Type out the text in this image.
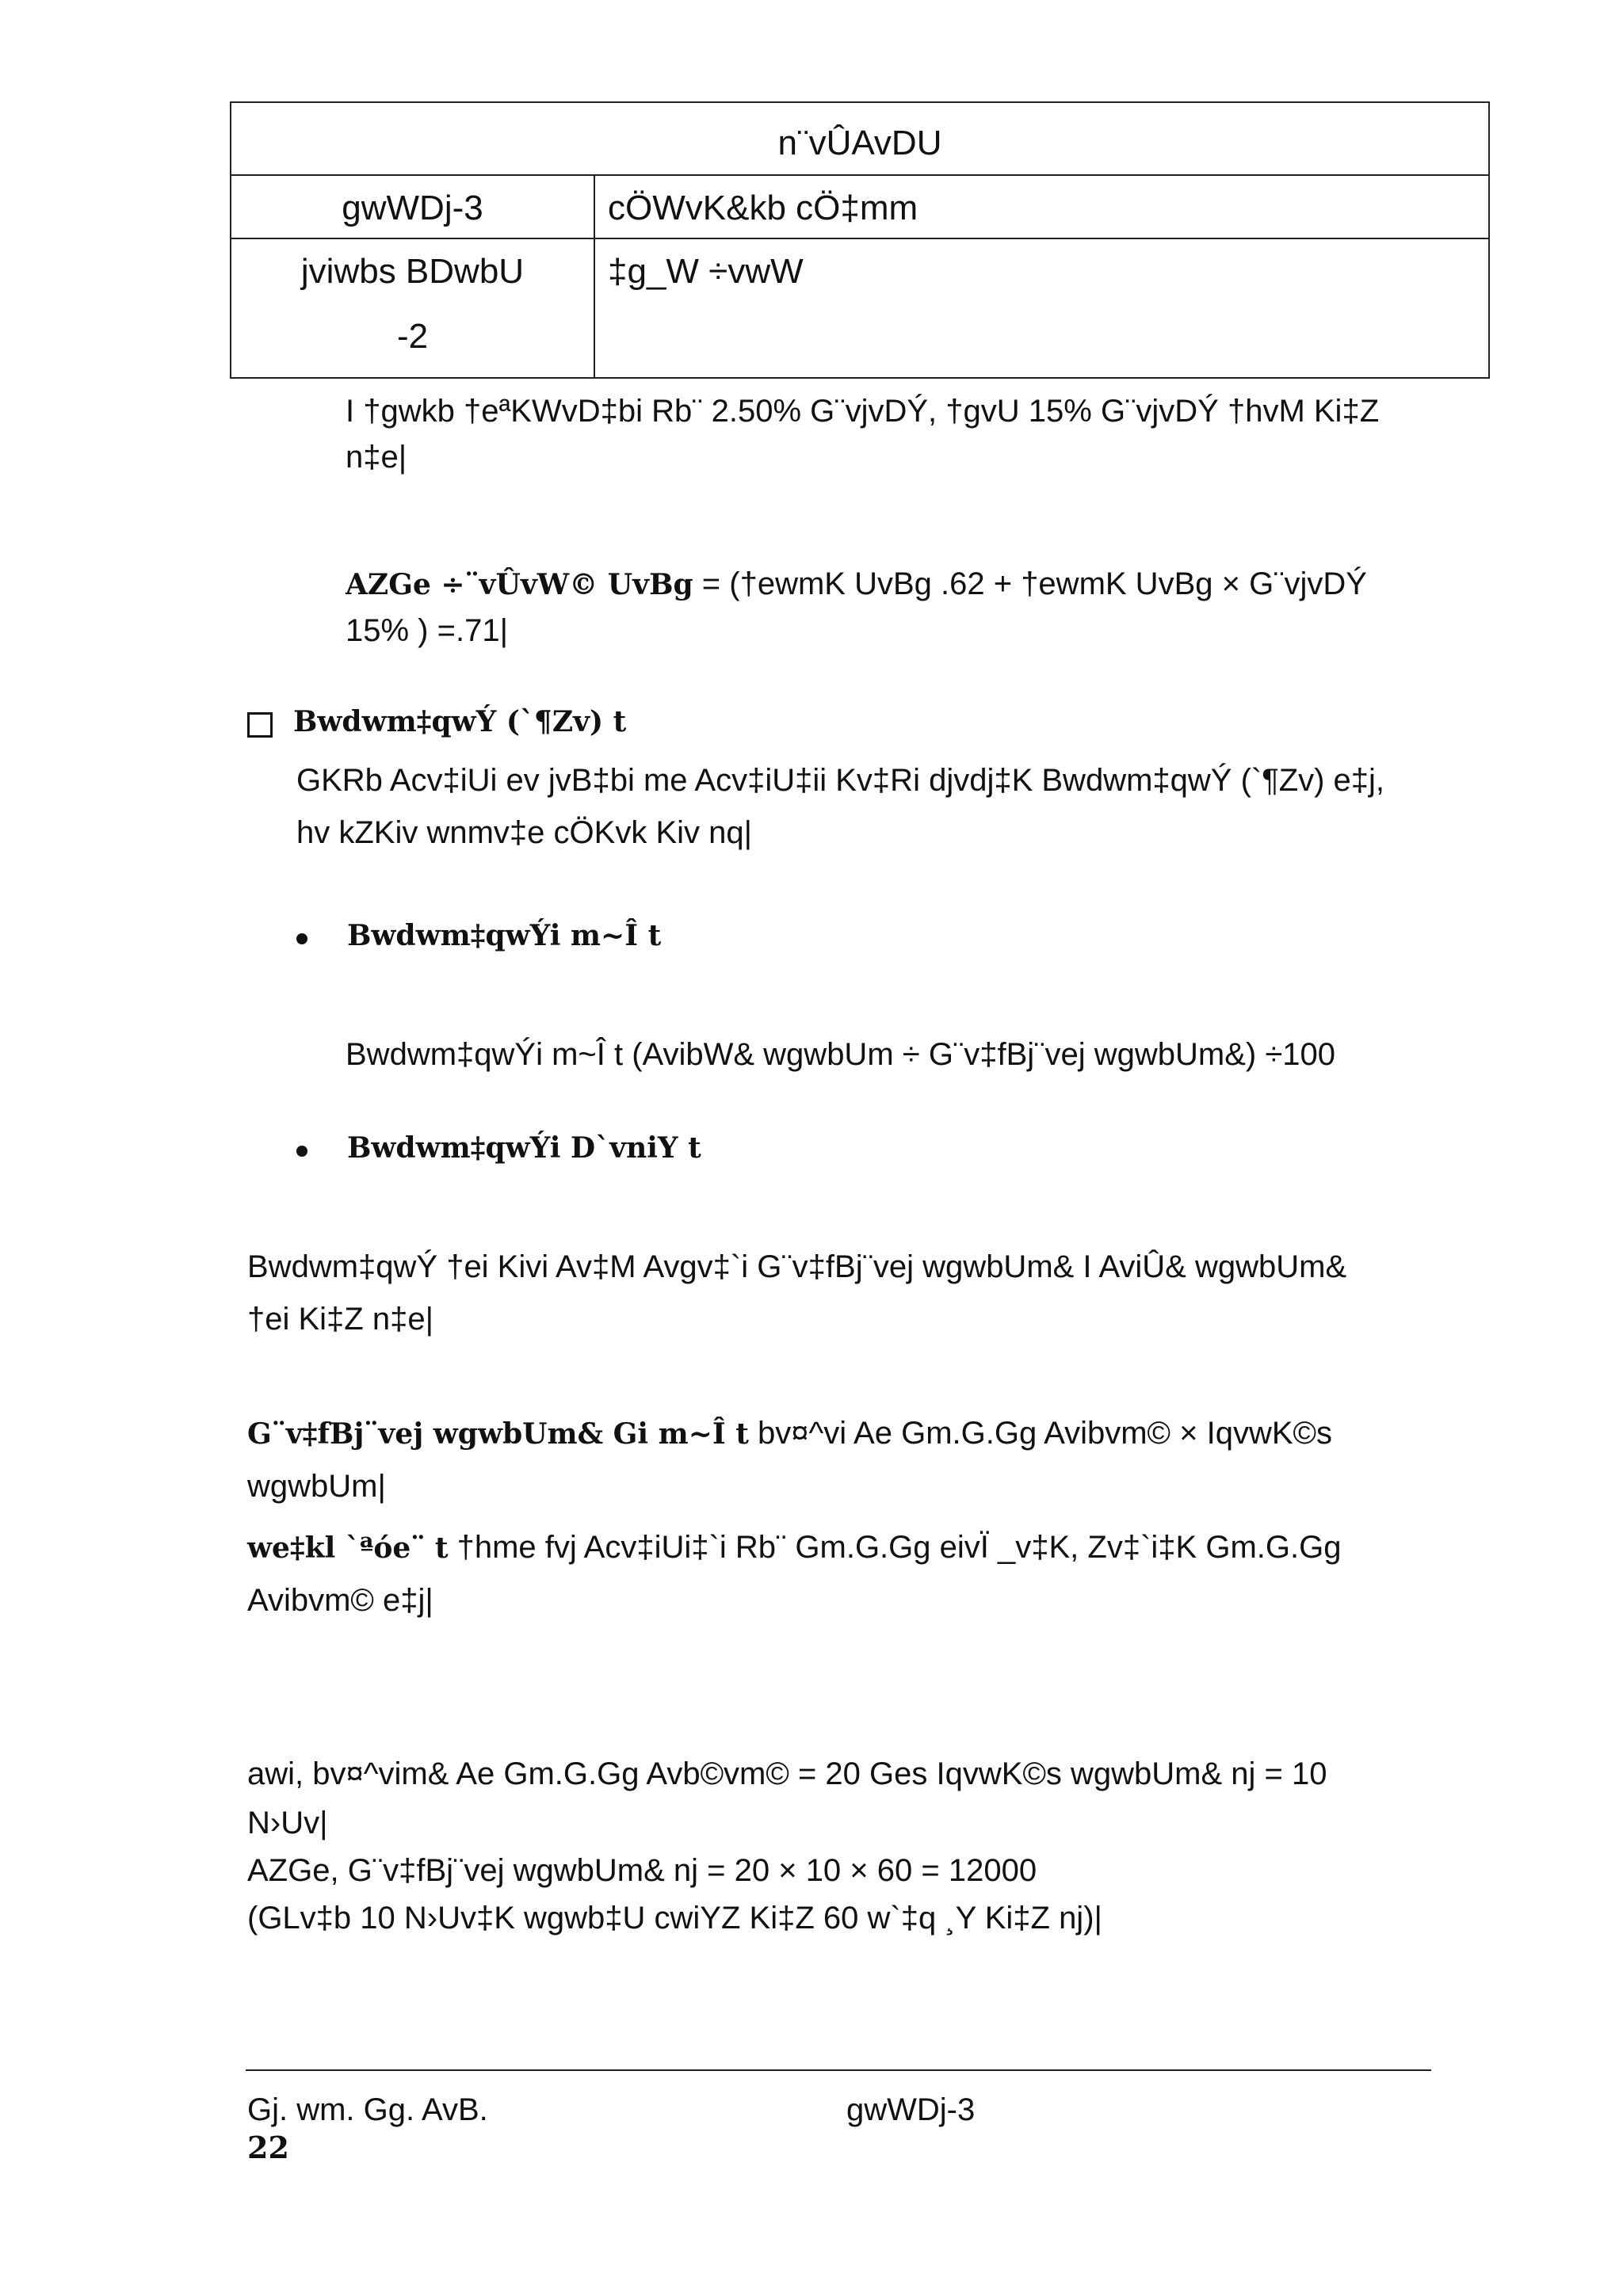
n¨vÛAvDU	
gwWDj-3	cÖWvK&kb cÖ‡mm

jviwbs BDwbU
-2	‡g_W ÷vwW
I †gwkb †eªKWvD‡bi Rb¨ 2.50% G¨vjvDÝ, †gvU 15% G¨vjvDÝ †hvM Ki‡Z
n‡e|
AZGe ÷¨vÛvW© UvBg = (†ewmK UvBg .62 + †ewmK UvBg × G¨vjvDÝ
15% ) =.71|
Bwdwm‡qwÝ (`¶Zv) t
GKRb Acv‡iUi ev jvB‡bi me Acv‡iU‡ii Kv‡Ri djvdj‡K Bwdwm‡qwÝ (`¶Zv) e‡j,
hv kZKiv wnmv‡e cÖKvk Kiv nq|
Bwdwm‡qwÝi m~Î t
Bwdwm‡qwÝi m~Î t (AvibW& wgwbUm ÷ G¨v‡fBj¨vej wgwbUm&) ÷100
Bwdwm‡qwÝi D`vniY t
Bwdwm‡qwÝ †ei Kivi Av‡M Avgv‡`i G¨v‡fBj¨vej wgwbUm& I AviÛ& wgwbUm&
†ei Ki‡Z n‡e|
G¨v‡fBj¨vej wgwbUm& Gi m~Î t bv¤^vi Ae Gm.G.Gg Avibvm© × IqvwK©s
wgwbUm|
we‡kl `ªóe¨ t †hme fvj Acv‡iUi‡`i Rb¨ Gm.G.Gg eivÏ _v‡K, Zv‡`i‡K Gm.G.Gg
Avibvm© e‡j|
awi, bv¤^vim& Ae Gm.G.Gg Avb©vm© = 20 Ges IqvwK©s wgwbUm& nj = 10
N›Uv|
AZGe, G¨v‡fBj¨vej wgwbUm& nj = 20 × 10 × 60 = 12000
(GLv‡b 10 N›Uv‡K wgwb‡U cwiYZ Ki‡Z 60 w`‡q ¸Y Ki‡Z nj)|
Gj. wm. Gg. AvB.	gwWDj-3
22
